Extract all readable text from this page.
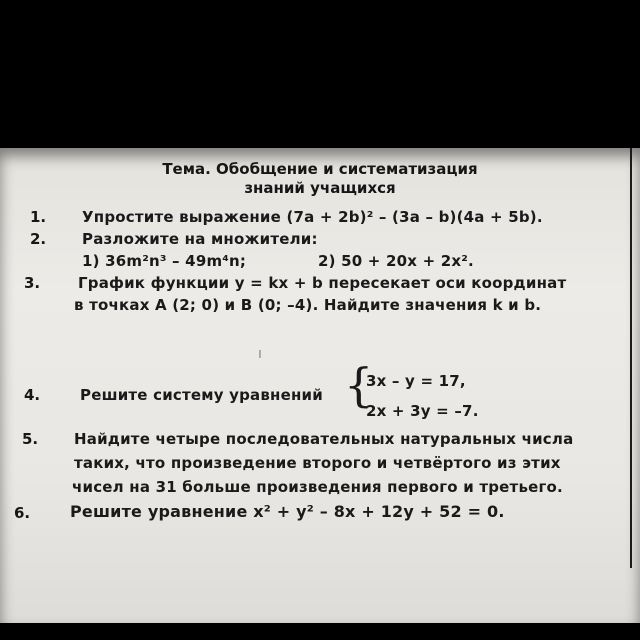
Тема. Обобщение и систематизация
знаний учащихся
1. Упростите выражение (7a + 2b)² – (3a – b)(4a + 5b).
2. Разложите на множители:
1) 36m²n³ – 49m⁴n;	2) 50 + 20x + 2x².
3.	График функции y = kx + b пересекает оси координат
в точках A (2; 0) и B (0; –4). Найдите значения k и b.
ı
4.	Решите систему уравнений {
3x – y = 17,
2x + 3y = –7.
5. Найдите четыре последовательных натуральных числа
таких, что произведение второго и четвёртого из этих
чисел на 31 больше произведения первого и третьего.
6. Решите уравнение x² + y² – 8x + 12y + 52 = 0.
